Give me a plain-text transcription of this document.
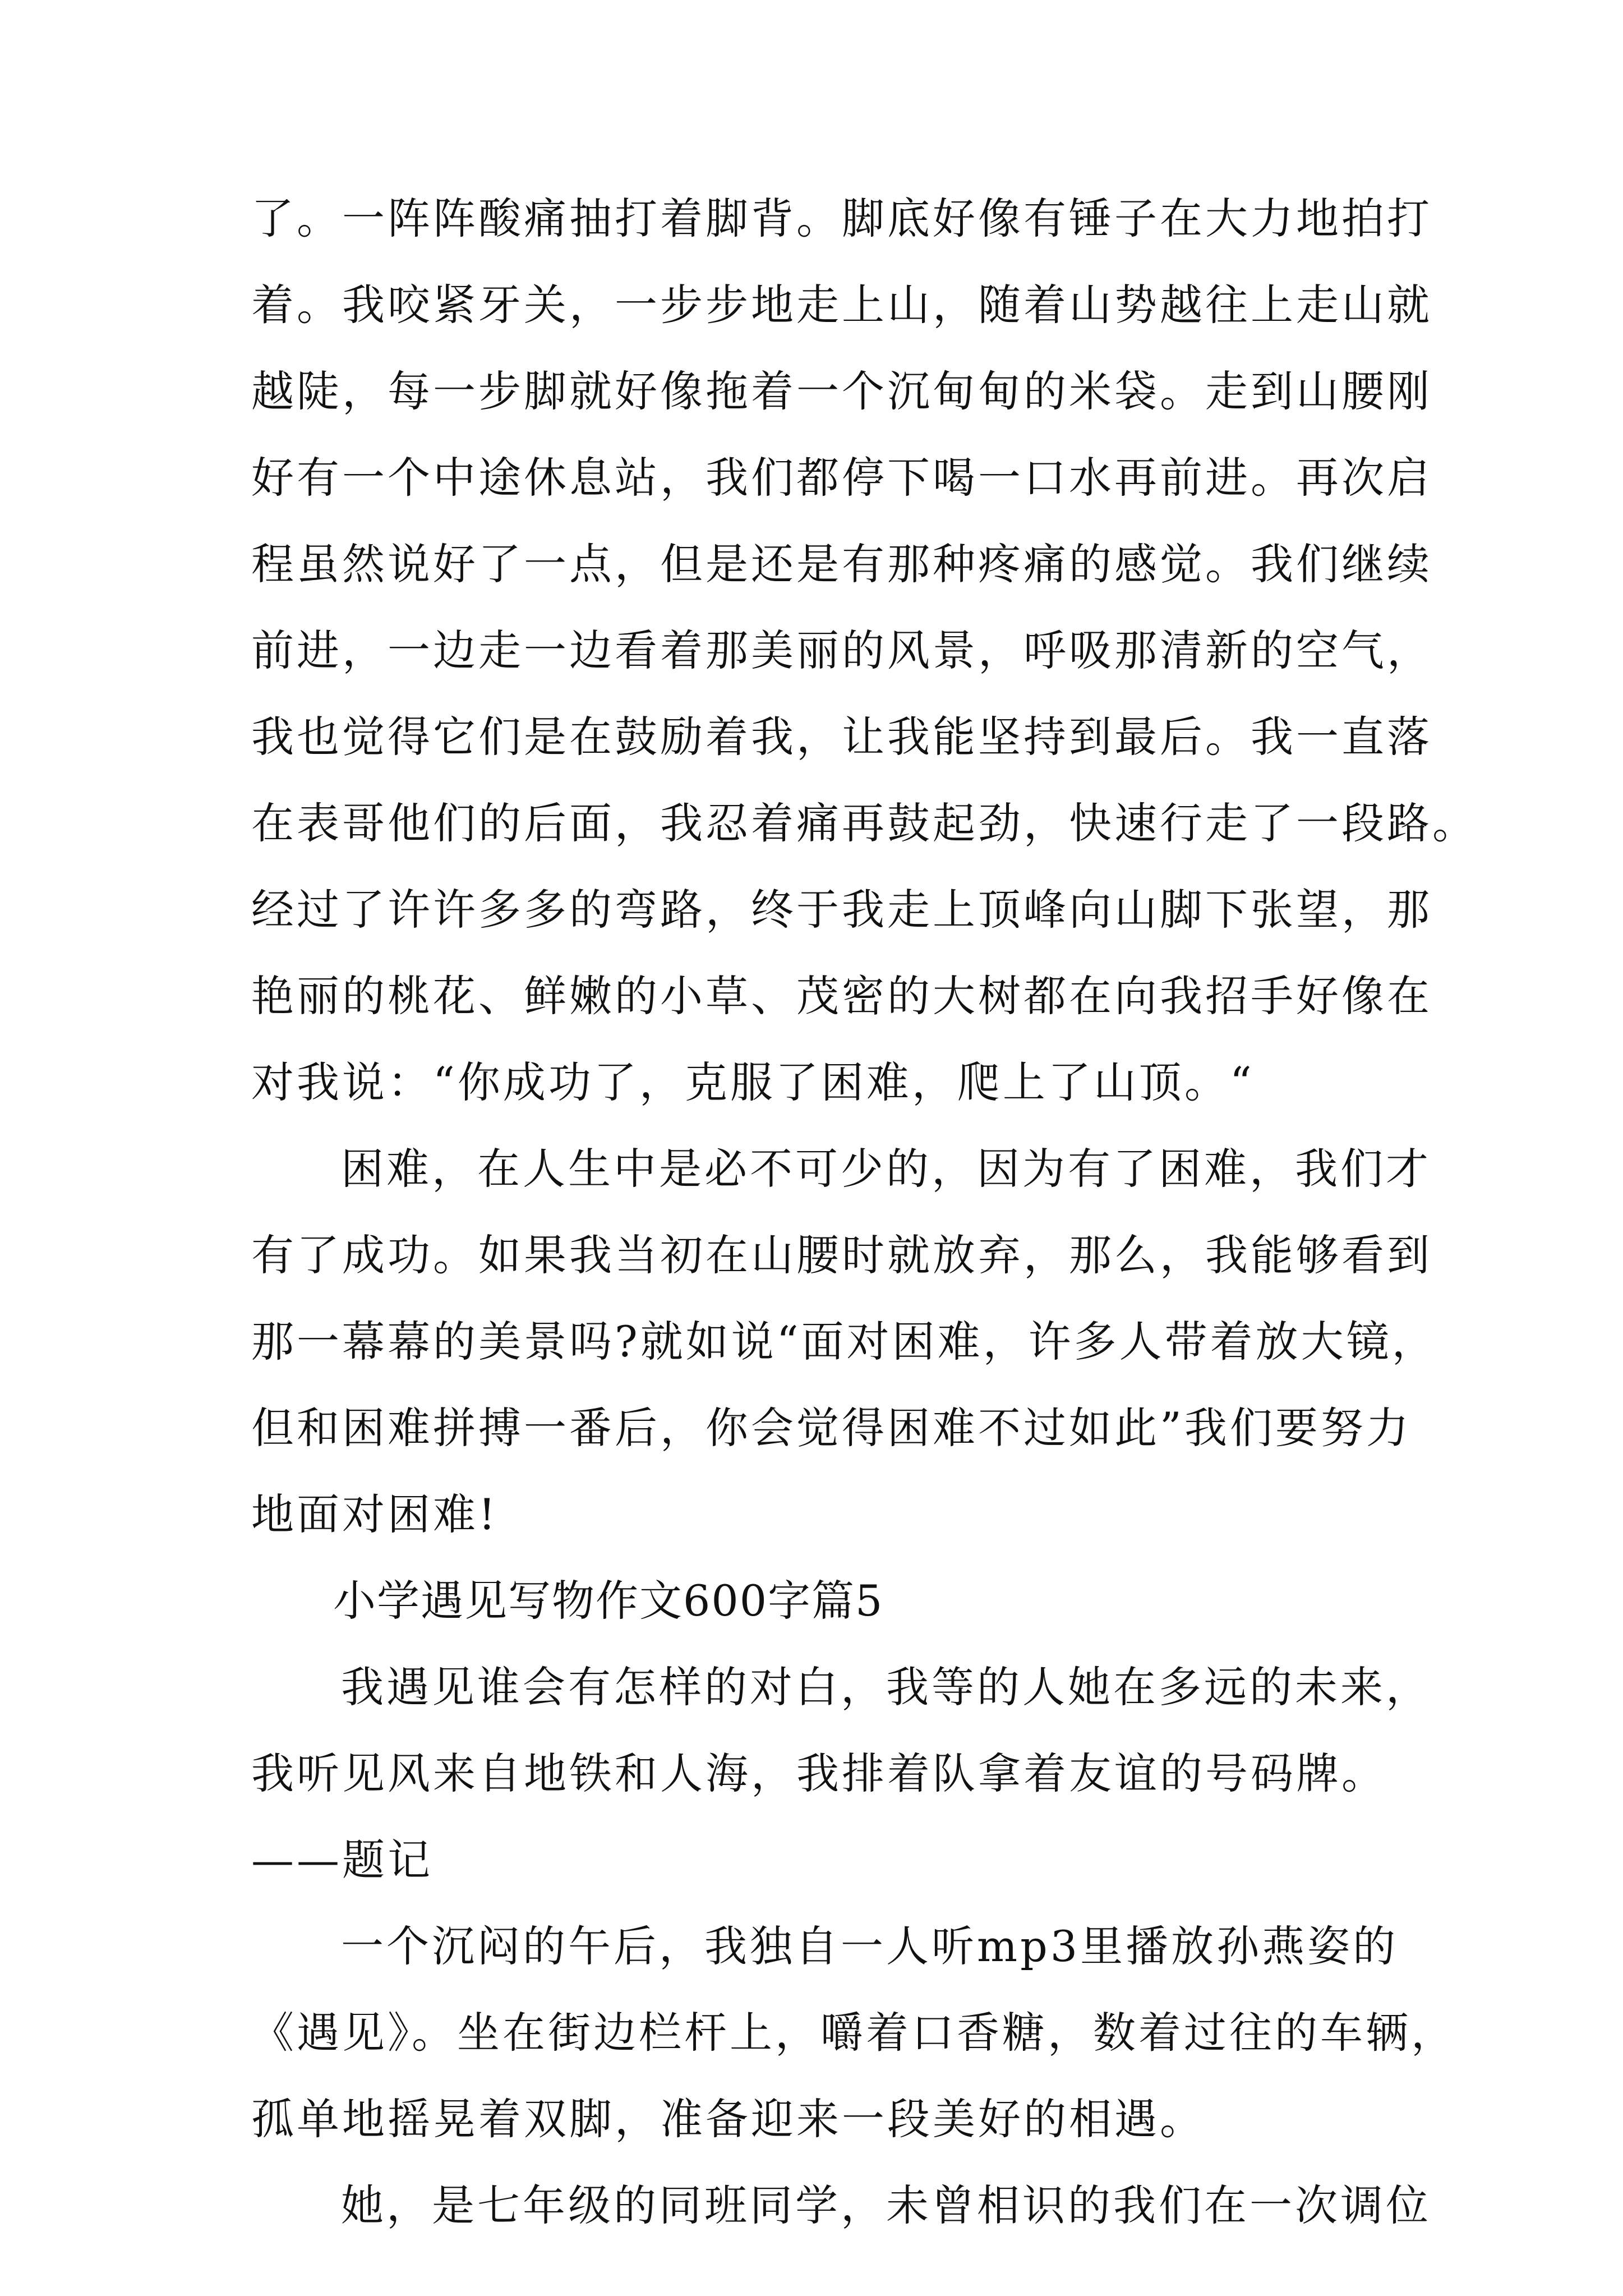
了。一阵阵酸痛抽打着脚背。脚底好像有锤子在大力地拍打

着。我咬紧牙关，一步步地走上山，随着山势越往上走山就

越陡，每一步脚就好像拖着一个沉甸甸的米袋。走到山腰刚

好有一个中途休息站，我们都停下喝一口水再前进。再次启

程虽然说好了一点，但是还是有那种疼痛的感觉。我们继续

前进，一边走一边看着那美丽的风景，呼吸那清新的空气，

我也觉得它们是在鼓励着我，让我能坚持到最后。我一直落

在表哥他们的后面，我忍着痛再鼓起劲，快速行走了一段路。

经过了许许多多的弯路，终于我走上顶峰向山脚下张望，那

艳丽的桃花、鲜嫩的小草、茂密的大树都在向我招手好像在

对我说：“你成功了，克服了困难，爬上了山顶。“

困难，在人生中是必不可少的，因为有了困难，我们才

有了成功。如果我当初在山腰时就放弃，那么，我能够看到

那一幕幕的美景吗?就如说“面对困难，许多人带着放大镜，

但和困难拼搏一番后，你会觉得困难不过如此”我们要努力

地面对困难!

小学遇见写物作文600字篇5

我遇见谁会有怎样的对白，我等的人她在多远的未来，

我听见风来自地铁和人海，我排着队拿着友谊的号码牌。

——题记

一个沉闷的午后，我独自一人听mp3里播放孙燕姿的

《遇见》。坐在街边栏杆上，嚼着口香糖，数着过往的车辆，

孤单地摇晃着双脚，准备迎来一段美好的相遇。

她，是七年级的同班同学，未曾相识的我们在一次调位
